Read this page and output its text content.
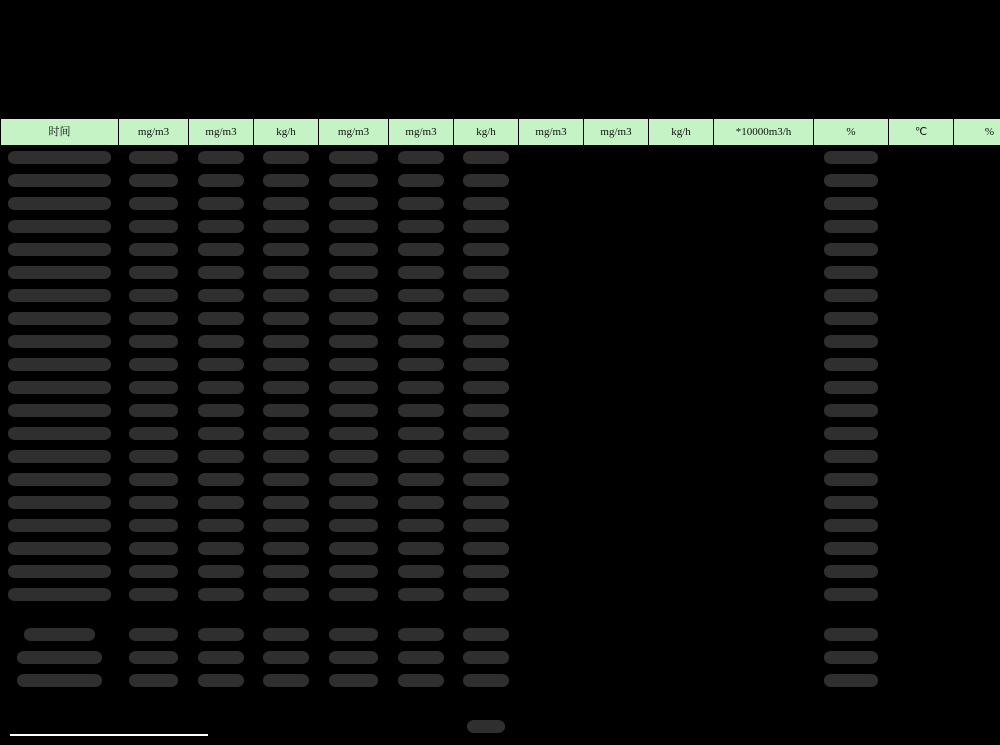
时间	mg/m3	mg/m3	kg/h	mg/m3	mg/m3	kg/h	mg/m3	mg/m3	kg/h	*10000m3/h	%	℃	%
